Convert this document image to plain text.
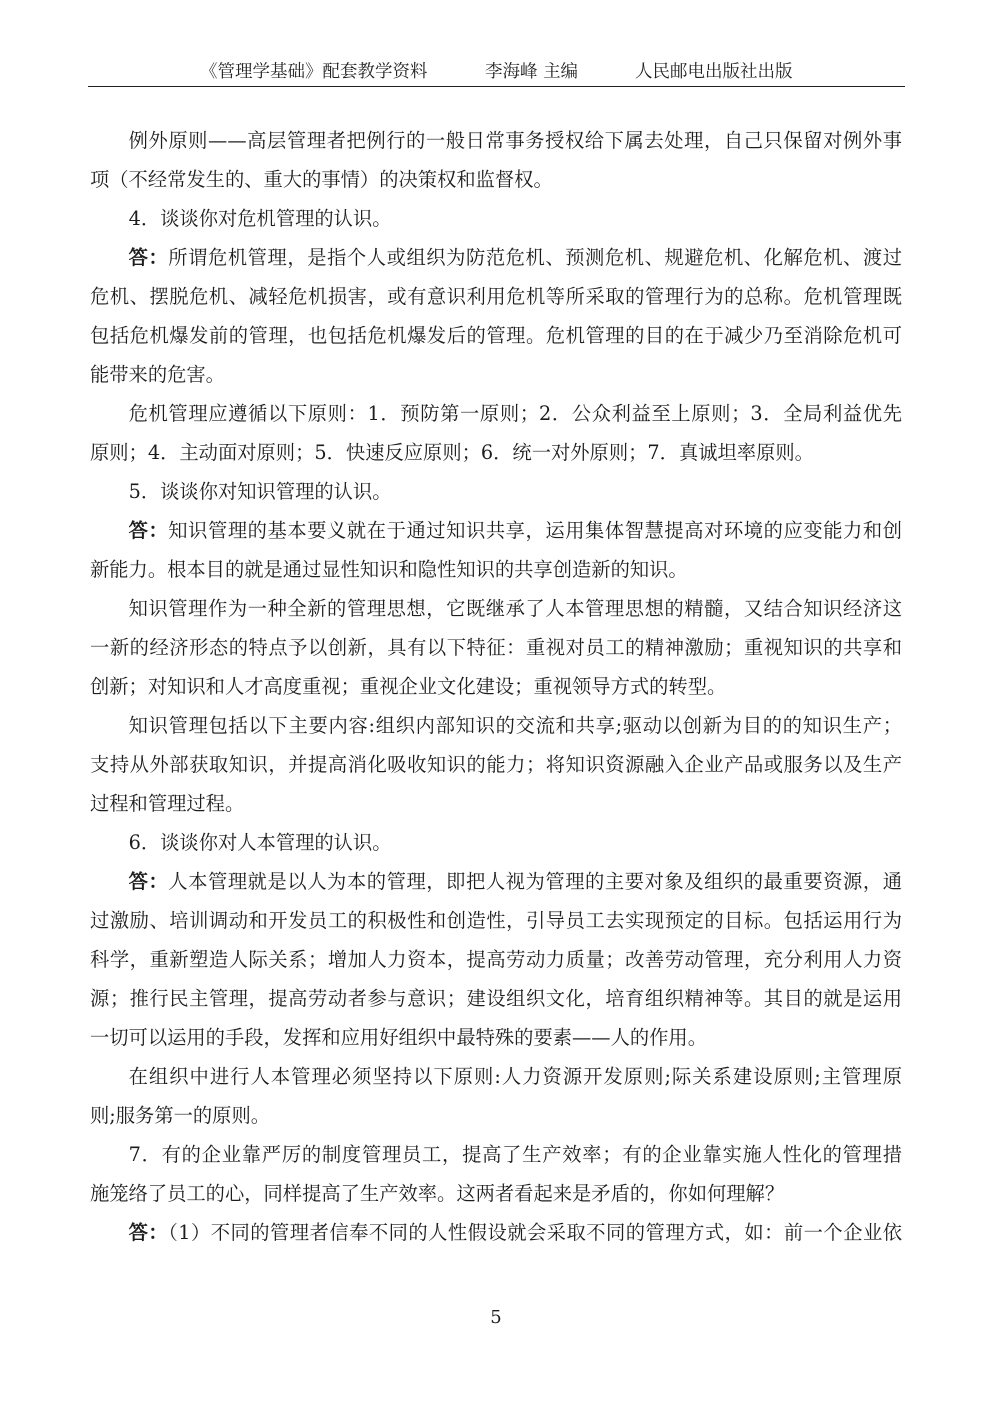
《管理学基础》配套教学资料	李海峰 主编	人民邮电出版社出版
例外原则——高层管理者把例行的一般日常事务授权给下属去处理，自己只保留对例外事
项（不经常发生的、重大的事情）的决策权和监督权。
4．谈谈你对危机管理的认识。
答：所谓危机管理，是指个人或组织为防范危机、预测危机、规避危机、化解危机、渡过
危机、摆脱危机、减轻危机损害，或有意识利用危机等所采取的管理行为的总称。危机管理既
包括危机爆发前的管理，也包括危机爆发后的管理。危机管理的目的在于减少乃至消除危机可
能带来的危害。
危机管理应遵循以下原则：1．预防第一原则；2．公众利益至上原则；3．全局利益优先
原则；4．主动面对原则；5．快速反应原则；6．统一对外原则；7．真诚坦率原则。
5．谈谈你对知识管理的认识。
答：知识管理的基本要义就在于通过知识共享，运用集体智慧提高对环境的应变能力和创
新能力。根本目的就是通过显性知识和隐性知识的共享创造新的知识。
知识管理作为一种全新的管理思想，它既继承了人本管理思想的精髓，又结合知识经济这
一新的经济形态的特点予以创新，具有以下特征：重视对员工的精神激励；重视知识的共享和
创新；对知识和人才高度重视；重视企业文化建设；重视领导方式的转型。
知识管理包括以下主要内容:组织内部知识的交流和共享;驱动以创新为目的的知识生产；
支持从外部获取知识，并提高消化吸收知识的能力；将知识资源融入企业产品或服务以及生产
过程和管理过程。
6．谈谈你对人本管理的认识。
答：人本管理就是以人为本的管理，即把人视为管理的主要对象及组织的最重要资源，通
过激励、培训调动和开发员工的积极性和创造性，引导员工去实现预定的目标。包括运用行为
科学，重新塑造人际关系；增加人力资本，提高劳动力质量；改善劳动管理，充分利用人力资
源；推行民主管理，提高劳动者参与意识；建设组织文化，培育组织精神等。其目的就是运用
一切可以运用的手段，发挥和应用好组织中最特殊的要素——人的作用。
在组织中进行人本管理必须坚持以下原则:人力资源开发原则;际关系建设原则;主管理原
则;服务第一的原则。
7．有的企业靠严厉的制度管理员工，提高了生产效率；有的企业靠实施人性化的管理措
施笼络了员工的心，同样提高了生产效率。这两者看起来是矛盾的，你如何理解？
答：（1）不同的管理者信奉不同的人性假设就会采取不同的管理方式，如：前一个企业依
5
